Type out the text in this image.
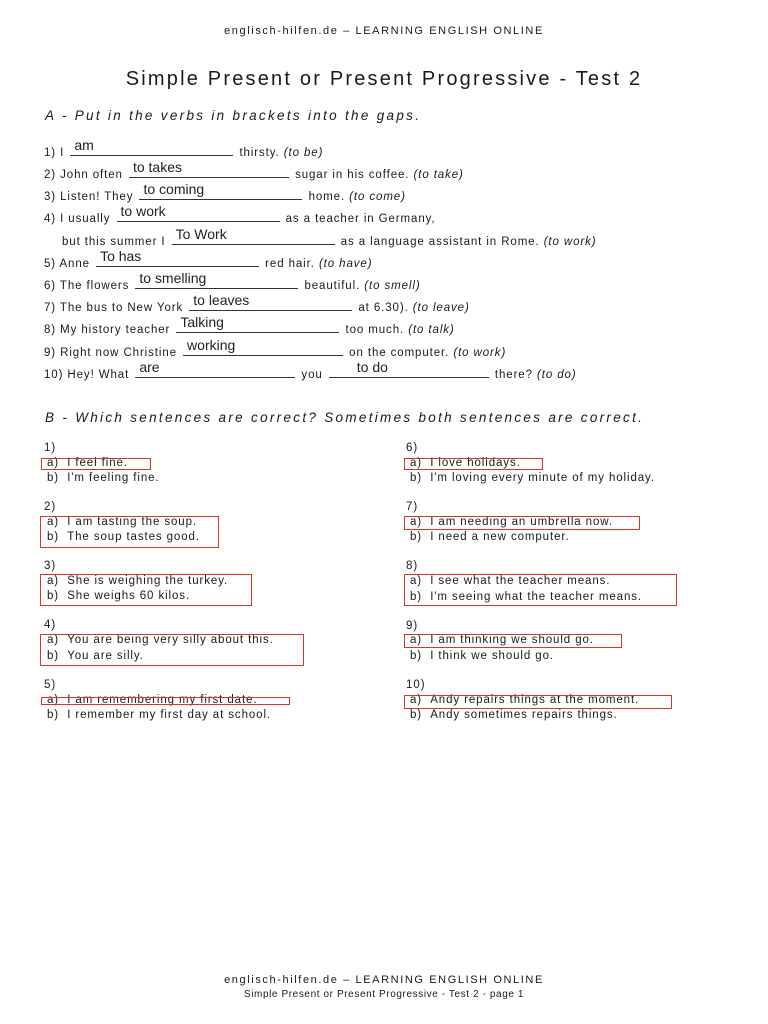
englisch-hilfen.de – LEARNING ENGLISH ONLINE
Simple Present or Present Progressive - Test 2
A - Put in the verbs in brackets into the gaps.
1) I am	thirsty. (to be)
2) John often to takes	sugar in his coffee. (to take)
3) Listen! They to coming	home. (to come)
4) I usually to work	as a teacher in Germany,
but this summer I To Work	as a language assistant in Rome. (to work)
5) Anne To has	red hair. (to have)
6) The flowers to smelling	beautiful. (to smell)
7) The bus to New York to leaves	at 6.30). (to leave)
8) My history teacher Talking	too much. (to talk)
9) Right now Christine working	on the computer. (to work)
10) Hey! What are	you to do	there? (to do)
B - Which sentences are correct? Sometimes both sentences are correct.
1)
a)  I feel fine.
b)  I'm feeling fine.
2)
a)  I am tasting the soup.
b)  The soup tastes good.
3)
a)  She is weighing the turkey.
b)  She weighs 60 kilos.
4)
a)  You are being very silly about this.
b)  You are silly.
5)
a)  I am remembering my first date.
b)  I remember my first day at school.
6)
a)  I love holidays.
b)  I'm loving every minute of my holiday.
7)
a)  I am needing an umbrella now.
b)  I need a new computer.
8)
a)  I see what the teacher means.
b)  I'm seeing what the teacher means.
9)
a)  I am thinking we should go.
b)  I think we should go.
10)
a)  Andy repairs things at the moment.
b)  Andy sometimes repairs things.
englisch-hilfen.de – LEARNING ENGLISH ONLINE
Simple Present or Present Progressive - Test 2 - page 1
